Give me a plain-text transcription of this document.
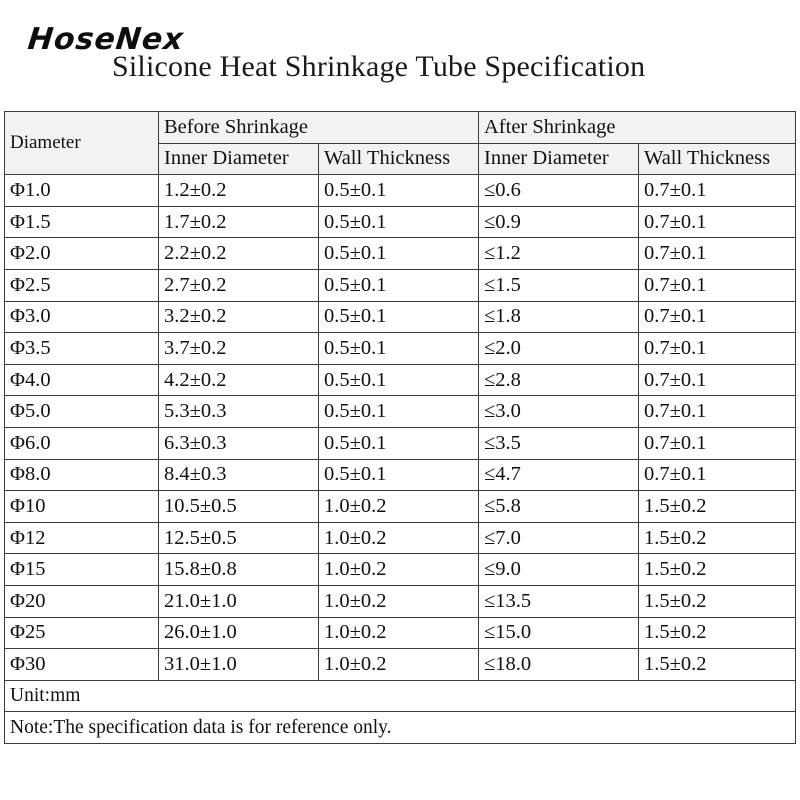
HoseNex
Silicone Heat Shrinkage Tube Specification
Diameter	Before Shrinkage		After Shrinkage	
	Inner Diameter	Wall Thickness	Inner Diameter	Wall Thickness
Φ1.0	1.2±0.2	0.5±0.1	≤0.6	0.7±0.1
Φ1.5	1.7±0.2	0.5±0.1	≤0.9	0.7±0.1
Φ2.0	2.2±0.2	0.5±0.1	≤1.2	0.7±0.1
Φ2.5	2.7±0.2	0.5±0.1	≤1.5	0.7±0.1
Φ3.0	3.2±0.2	0.5±0.1	≤1.8	0.7±0.1
Φ3.5	3.7±0.2	0.5±0.1	≤2.0	0.7±0.1
Φ4.0	4.2±0.2	0.5±0.1	≤2.8	0.7±0.1
Φ5.0	5.3±0.3	0.5±0.1	≤3.0	0.7±0.1
Φ6.0	6.3±0.3	0.5±0.1	≤3.5	0.7±0.1
Φ8.0	8.4±0.3	0.5±0.1	≤4.7	0.7±0.1
Φ10	10.5±0.5	1.0±0.2	≤5.8	1.5±0.2
Φ12	12.5±0.5	1.0±0.2	≤7.0	1.5±0.2
Φ15	15.8±0.8	1.0±0.2	≤9.0	1.5±0.2
Φ20	21.0±1.0	1.0±0.2	≤13.5	1.5±0.2
Φ25	26.0±1.0	1.0±0.2	≤15.0	1.5±0.2
Φ30	31.0±1.0	1.0±0.2	≤18.0	1.5±0.2
Unit:mm				
Note:The specification data is for reference only.				
